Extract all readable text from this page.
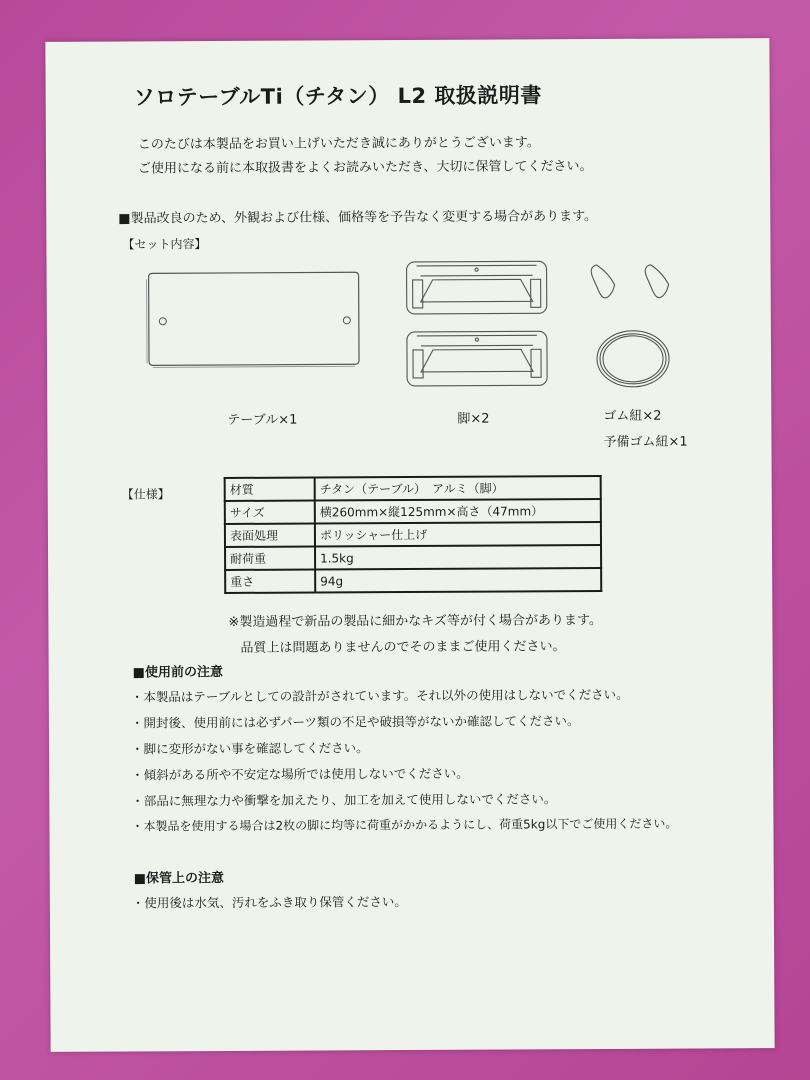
ソロテーブルTi（チタン） L2 取扱説明書
このたびは本製品をお買い上げいただき誠にありがとうございます。
ご使用になる前に本取扱書をよくお読みいただき、大切に保管してください。
■製品改良のため、外観および仕様、価格等を予告なく変更する場合があります。
【セット内容】
テーブル×1	脚×2	ゴム紐×2
予備ゴム紐×1
【仕様】	材質	チタン（テーブル）　アルミ（脚）
サイズ	横260mm×縦125mm×高さ（47mm）
表面処理	ポリッシャー仕上げ
耐荷重	1.5kg
重さ	94g
※製造過程で新品の製品に細かなキズ等が付く場合があります。
品質上は問題ありませんのでそのままご使用ください。
■使用前の注意
・本製品はテーブルとしての設計がされています。それ以外の使用はしないでください。
・開封後、使用前には必ずパーツ類の不足や破損等がないか確認してください。
・脚に変形がない事を確認してください。
・傾斜がある所や不安定な場所では使用しないでください。
・部品に無理な力や衝撃を加えたり、加工を加えて使用しないでください。
・本製品を使用する場合は2枚の脚に均等に荷重がかかるようにし、荷重5kg以下でご使用ください。
■保管上の注意
・使用後は水気、汚れをふき取り保管ください。
